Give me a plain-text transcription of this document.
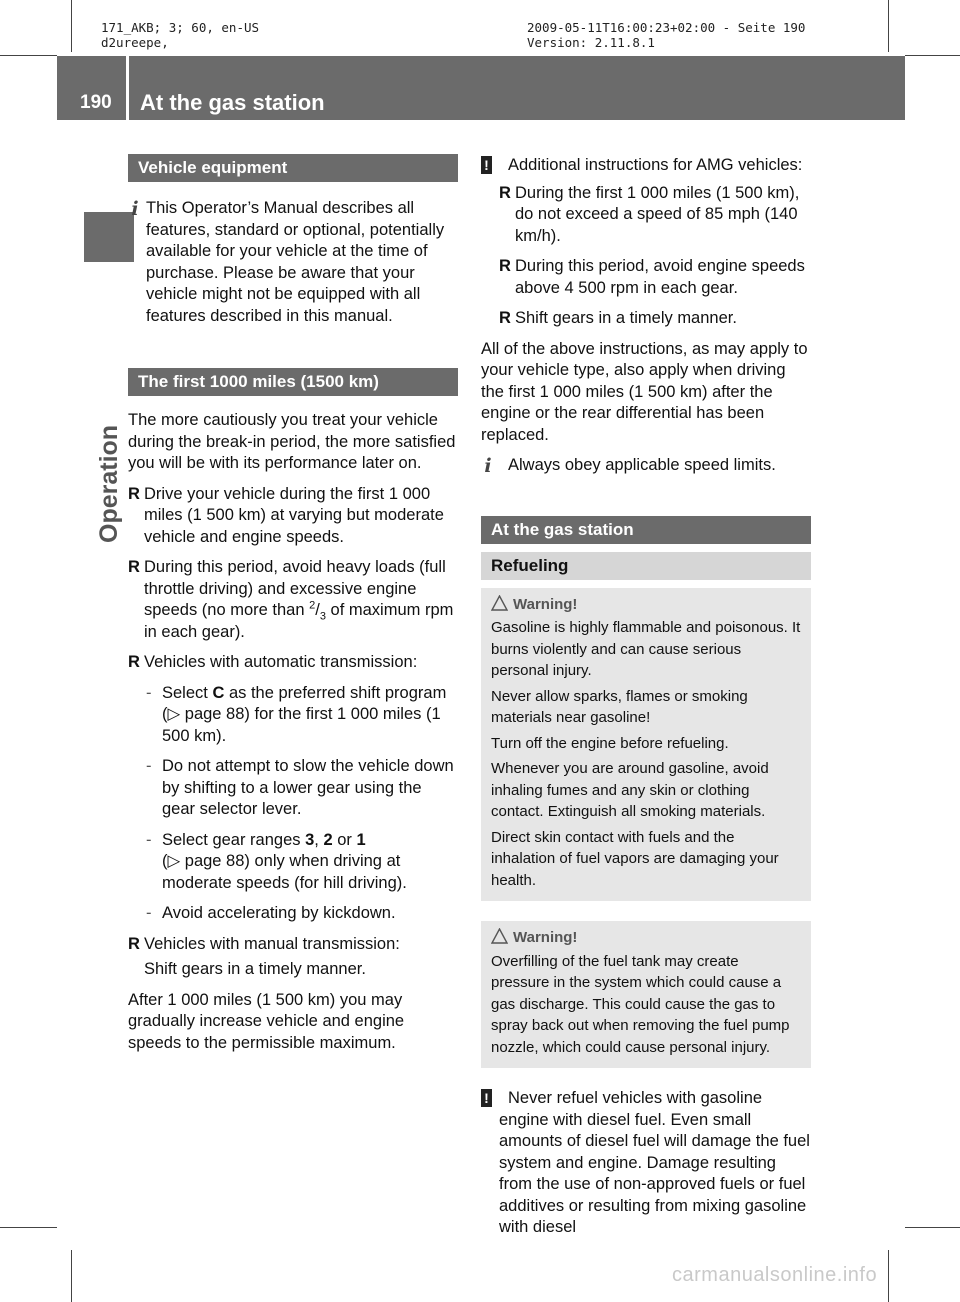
171_AKB; 3; 60, en-US
d2ureepe,
2009-05-11T16:00:23+02:00 - Seite 190
Version: 2.11.8.1
190	At the gas station
Operation
Vehicle equipment

i This Operator’s Manual describes all features, standard or optional, potentially available for your vehicle at the time of purchase. Please be aware that your vehicle might not be equipped with all features described in this manual.

The first 1000 miles (1500 km)

The more cautiously you treat your vehicle during the break-in period, the more satisfied you will be with its performance later on.

R Drive your vehicle during the first 1 000 miles (1 500 km) at varying but moderate vehicle and engine speeds.
R During this period, avoid heavy loads (full throttle driving) and excessive engine speeds (no more than $^2/_3$ of maximum rpm in each gear).
R Vehicles with automatic transmission:
- Select C as the preferred shift program (▷ page 88) for the first 1 000 miles (1 500 km).
- Do not attempt to slow the vehicle down by shifting to a lower gear using the gear selector lever.
- Select gear ranges 3, 2 or 1
(▷ page 88) only when driving at moderate speeds (for hill driving).
- Avoid accelerating by kickdown.
R Vehicles with manual transmission:

Shift gears in a timely manner.

After 1 000 miles (1 500 km) you may gradually increase vehicle and engine speeds to the permissible maximum.

! Additional instructions for AMG vehicles:

R During the first 1 000 miles (1 500 km), do not exceed a speed of 85 mph (140 km/h).
R During this period, avoid engine speeds above 4 500 rpm in each gear.
R Shift gears in a timely manner.

All of the above instructions, as may apply to your vehicle type, also apply when driving the first 1 000 miles (1 500 km) after the engine or the rear differential has been replaced.

i Always obey applicable speed limits.

At the gas station
Refueling
Warning!

Gasoline is highly flammable and poisonous. It burns violently and can cause serious personal injury.

Never allow sparks, flames or smoking materials near gasoline!

Turn off the engine before refueling.

Whenever you are around gasoline, avoid inhaling fumes and any skin or clothing contact. Extinguish all smoking materials.

Direct skin contact with fuels and the inhalation of fuel vapors are damaging your health.

Warning!

Overfilling of the fuel tank may create pressure in the system which could cause a gas discharge. This could cause the gas to spray back out when removing the fuel pump nozzle, which could cause personal injury.

! Never refuel vehicles with gasoline engine with diesel fuel. Even small amounts of diesel fuel will damage the fuel system and engine. Damage resulting from the use of non-approved fuels or fuel additives or resulting from mixing gasoline with diesel

carmanualsonline.info
